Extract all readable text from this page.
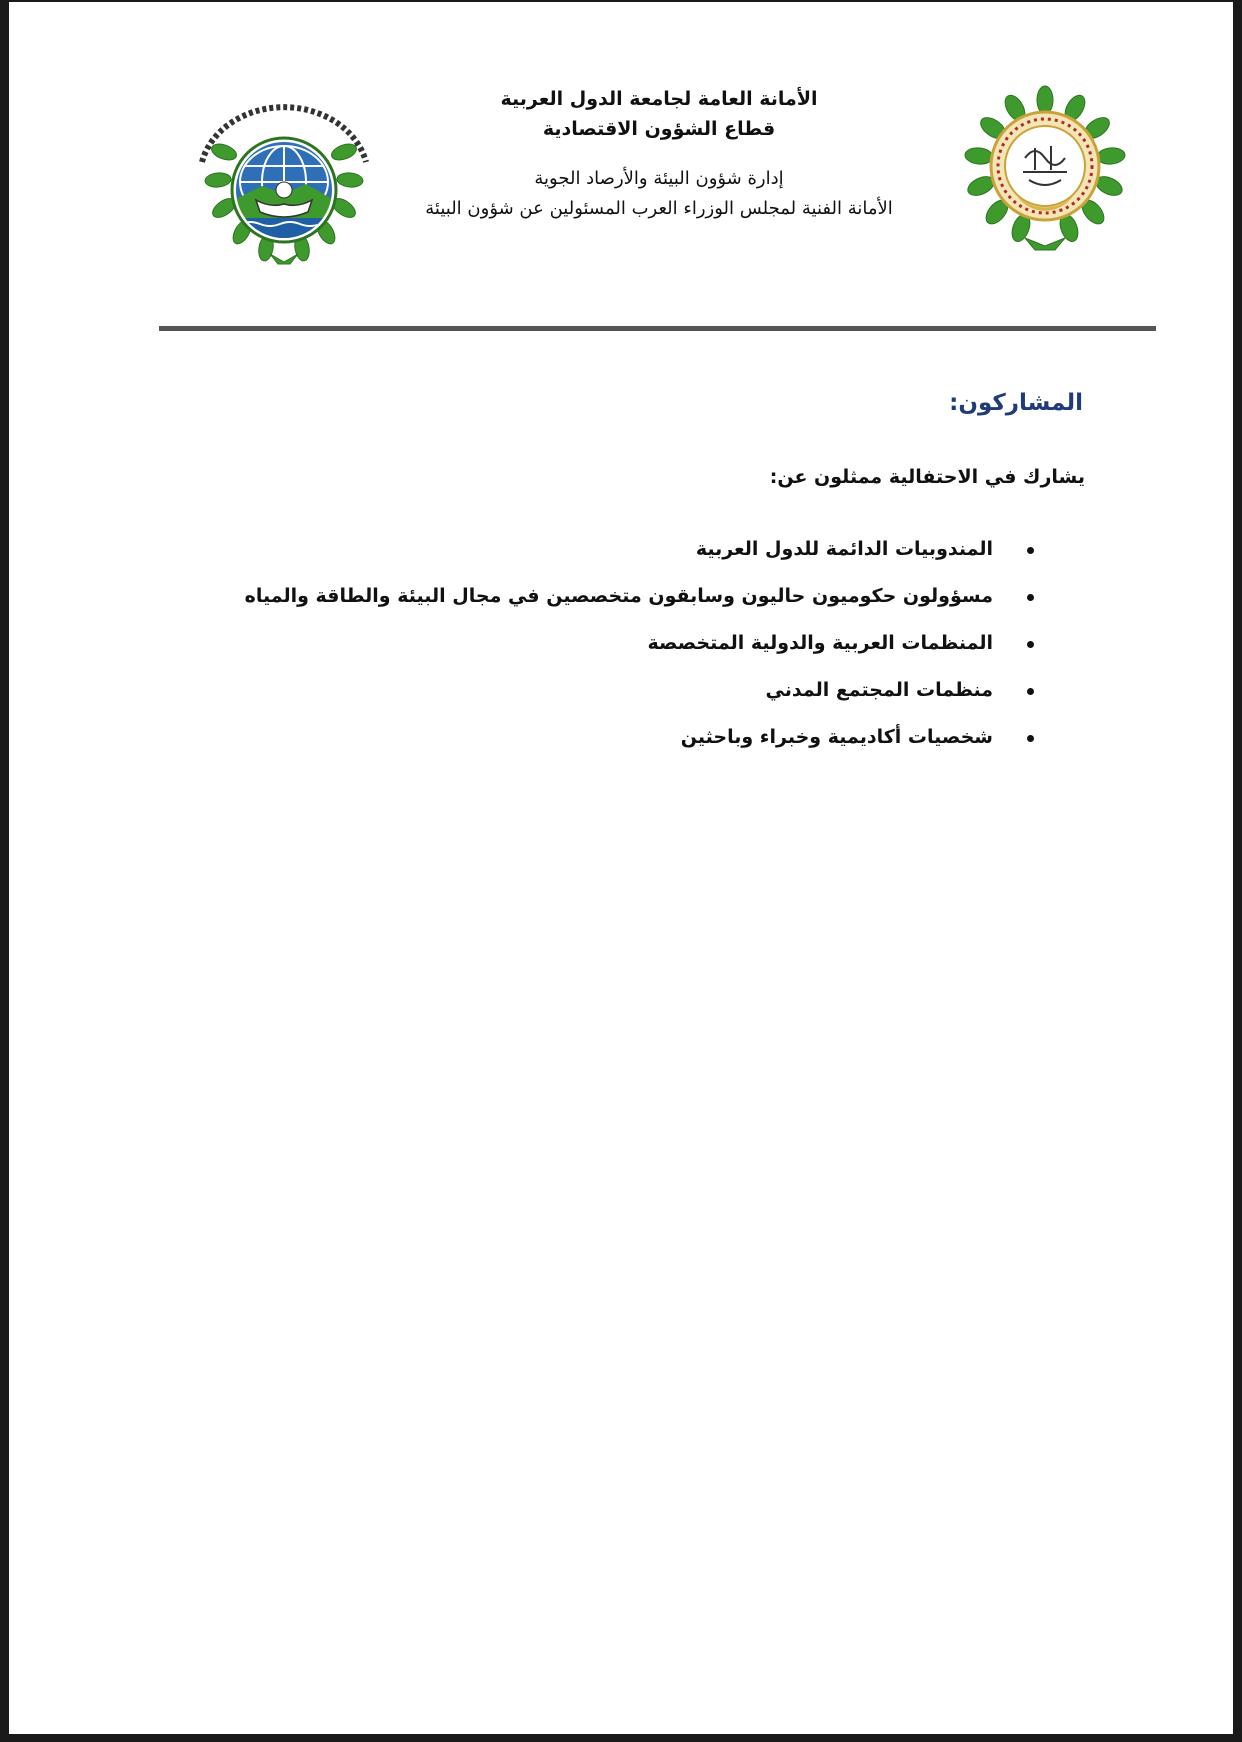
الأمانة العامة لجامعة الدول العربية
قطاع الشؤون الاقتصادية
إدارة شؤون البيئة والأرصاد الجوية
الأمانة الفنية لمجلس الوزراء العرب المسئولين عن شؤون البيئة
المشاركون:
يشارك في الاحتفالية ممثلون عن:
المندوبيات الدائمة للدول العربية
مسؤولون حكوميون حاليون وسابقون متخصصين في مجال البيئة والطاقة والمياه
المنظمات العربية والدولية المتخصصة
منظمات المجتمع المدني
شخصيات أكاديمية وخبراء وباحثين
